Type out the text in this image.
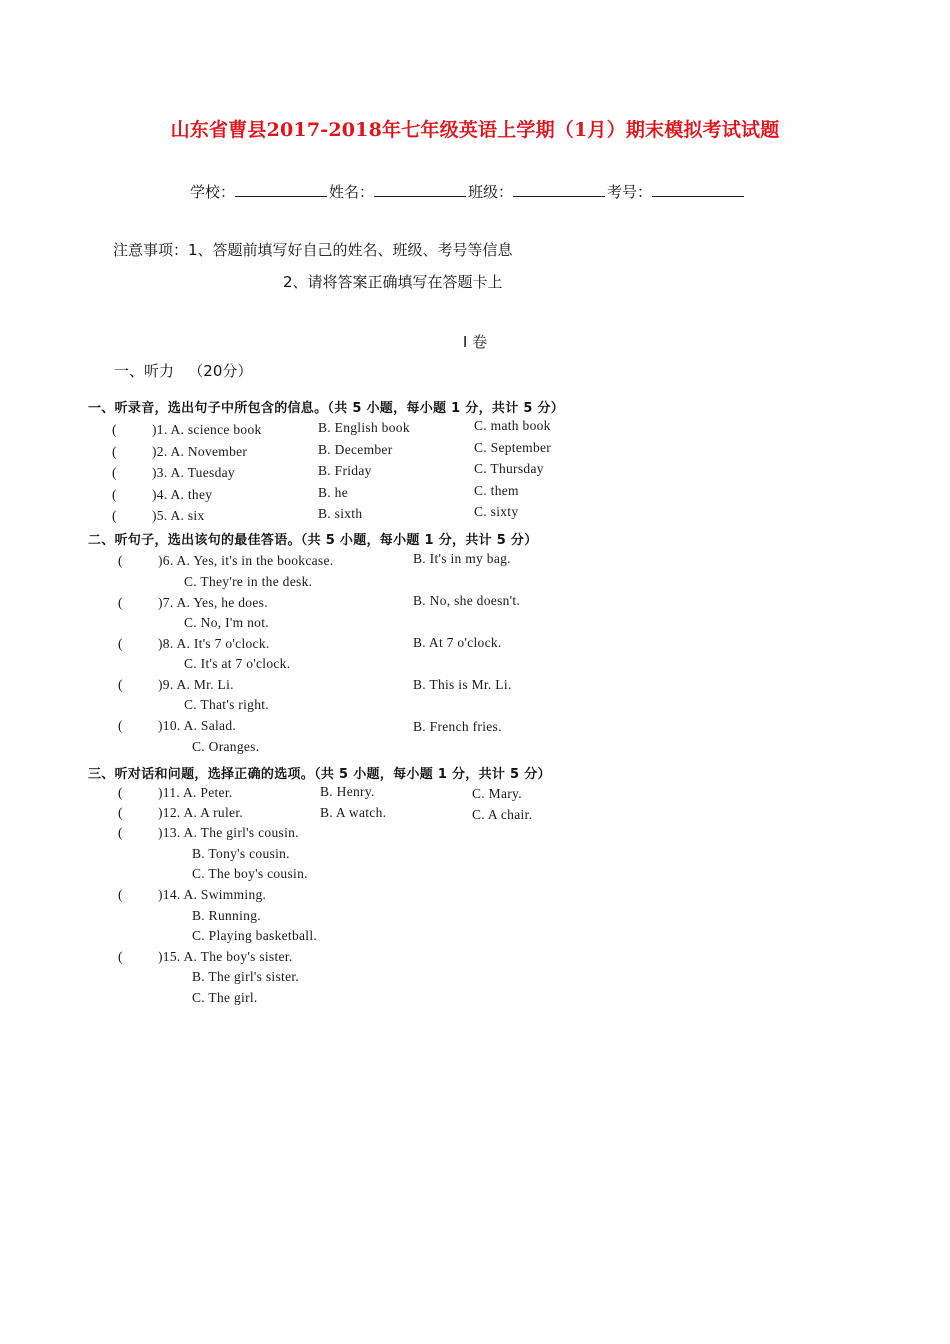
山东省曹县2017-2018年七年级英语上学期（1月）期末模拟考试试题
学校：	姓名：	班级：	考号：
注意事项：1、答题前填写好自己的姓名、班级、考号等信息
2、请将答案正确填写在答题卡上
I 卷
一、听力   （20分）
一、听录音，选出句子中所包含的信息。（共 5 小题，每小题 1 分，共计 5 分）
(	)1. A. science book	B. English book	C. math book
(	)2. A. November	B. December	C. September
(	)3. A. Tuesday	B. Friday	C. Thursday
(	)4. A. they	B. he	C. them
(	)5. A. six	B. sixth	C. sixty
二、听句子，选出该句的最佳答语。（共 5 小题，每小题 1 分，共计 5 分）
(	)6. A. Yes, it's in the bookcase.	B. It's in my bag.
C. They're in the desk.
(	)7. A. Yes, he does.	B. No, she doesn't.
C. No, I'm not.
(	)8. A. It's 7 o'clock.	B. At 7 o'clock.
C. It's at 7 o'clock.
(	)9. A. Mr. Li.	B. This is Mr. Li.
C. That's right.
(	)10. A. Salad.	B. French fries.
C. Oranges.
三、听对话和问题，选择正确的选项。（共 5 小题，每小题 1 分，共计 5 分）
(	)11. A. Peter.	B. Henry.	C. Mary.
(	)12. A. A ruler.	B. A watch.	C. A chair.
(	)13. A. The girl's cousin.
B. Tony's cousin.
C. The boy's cousin.
(	)14. A. Swimming.
B. Running.
C. Playing basketball.
(	)15. A. The boy's sister.
B. The girl's sister.
C. The girl.
